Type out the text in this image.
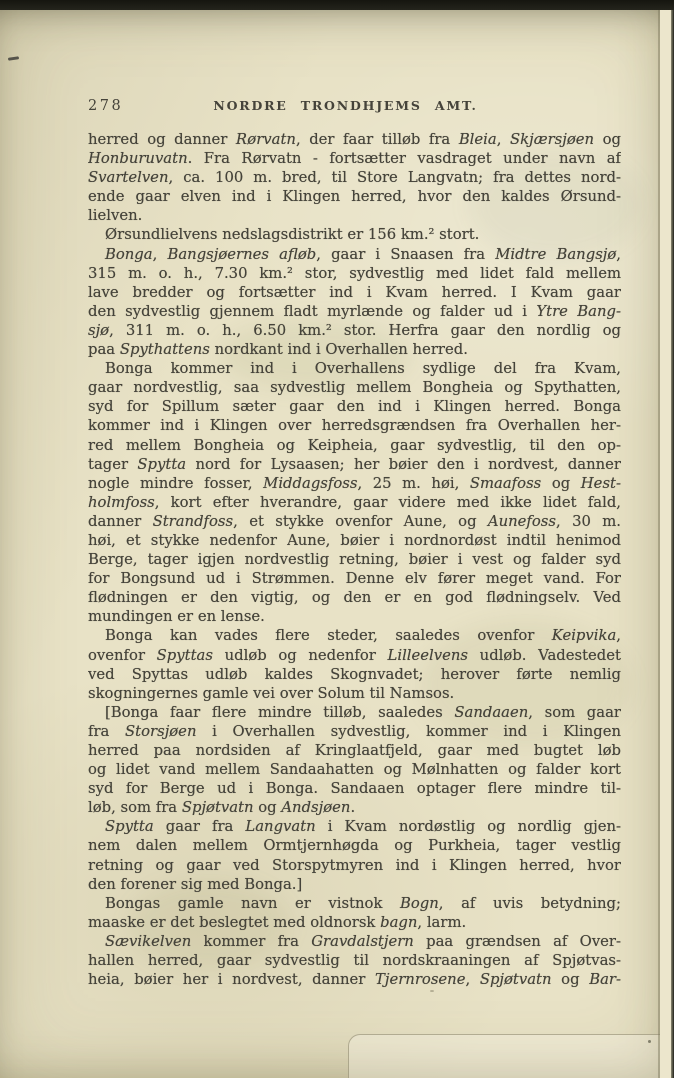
278	NORDRE TRONDHJEMS AMT.
herred og danner Rørvatn, der faar tilløb fra Bleia, Skjærsjøen og
Honburuvatn. Fra Rørvatn - fortsætter vasdraget under navn af
Svartelven, ca. 100 m. bred, til Store Langvatn; fra dettes nord-
ende gaar elven ind i Klingen herred, hvor den kaldes Ørsund-
lielven.
Ørsundlielvens nedslagsdistrikt er 156 km.² stort.
Bonga, Bangsjøernes afløb, gaar i Snaasen fra Midtre Bangsjø,
315 m. o. h., 7.30 km.² stor, sydvestlig med lidet fald mellem
lave bredder og fortsætter ind i Kvam herred. I Kvam gaar
den sydvestlig gjennem fladt myrlænde og falder ud i Ytre Bang-
sjø, 311 m. o. h., 6.50 km.² stor. Herfra gaar den nordlig og
paa Spythattens nordkant ind i Overhallen herred.
Bonga kommer ind i Overhallens sydlige del fra Kvam,
gaar nordvestlig, saa sydvestlig mellem Bongheia og Spythatten,
syd for Spillum sæter gaar den ind i Klingen herred. Bonga
kommer ind i Klingen over herredsgrændsen fra Overhallen her-
red mellem Bongheia og Keipheia, gaar sydvestlig, til den op-
tager Spytta nord for Lysaasen; her bøier den i nordvest, danner
nogle mindre fosser, Middagsfoss, 25 m. høi, Smaafoss og Hest-
holmfoss, kort efter hverandre, gaar videre med ikke lidet fald,
danner Strandfoss, et stykke ovenfor Aune, og Aunefoss, 30 m.
høi, et stykke nedenfor Aune, bøier i nordnordøst indtil henimod
Berge, tager igjen nordvestlig retning, bøier i vest og falder syd
for Bongsund ud i Strømmen. Denne elv fører meget vand. For
flødningen er den vigtig, og den er en god flødningselv. Ved
mundingen er en lense.
Bonga kan vades flere steder, saaledes ovenfor Keipvika,
ovenfor Spyttas udløb og nedenfor Lilleelvens udløb. Vadestedet
ved Spyttas udløb kaldes Skognvadet; herover førte nemlig
skogningernes gamle vei over Solum til Namsos.
[Bonga faar flere mindre tilløb, saaledes Sandaaen, som gaar
fra Storsjøen i Overhallen sydvestlig, kommer ind i Klingen
herred paa nordsiden af Kringlaatfjeld, gaar med bugtet løb
og lidet vand mellem Sandaahatten og Mølnhatten og falder kort
syd for Berge ud i Bonga. Sandaaen optager flere mindre til-
løb, som fra Spjøtvatn og Andsjøen.
Spytta gaar fra Langvatn i Kvam nordøstlig og nordlig gjen-
nem dalen mellem Ormtjernhøgda og Purkheia, tager vestlig
retning og gaar ved Storspytmyren ind i Klingen herred, hvor
den forener sig med Bonga.]
Bongas gamle navn er vistnok Bogn, af uvis betydning;
maaske er det beslegtet med oldnorsk bagn, larm.
Sævikelven kommer fra Gravdalstjern paa grændsen af Over-
hallen herred, gaar sydvestlig til nordskraaningen af Spjøtvas-
heia, bøier her i nordvest, danner Tjernrosene, Spjøtvatn og Bar-
